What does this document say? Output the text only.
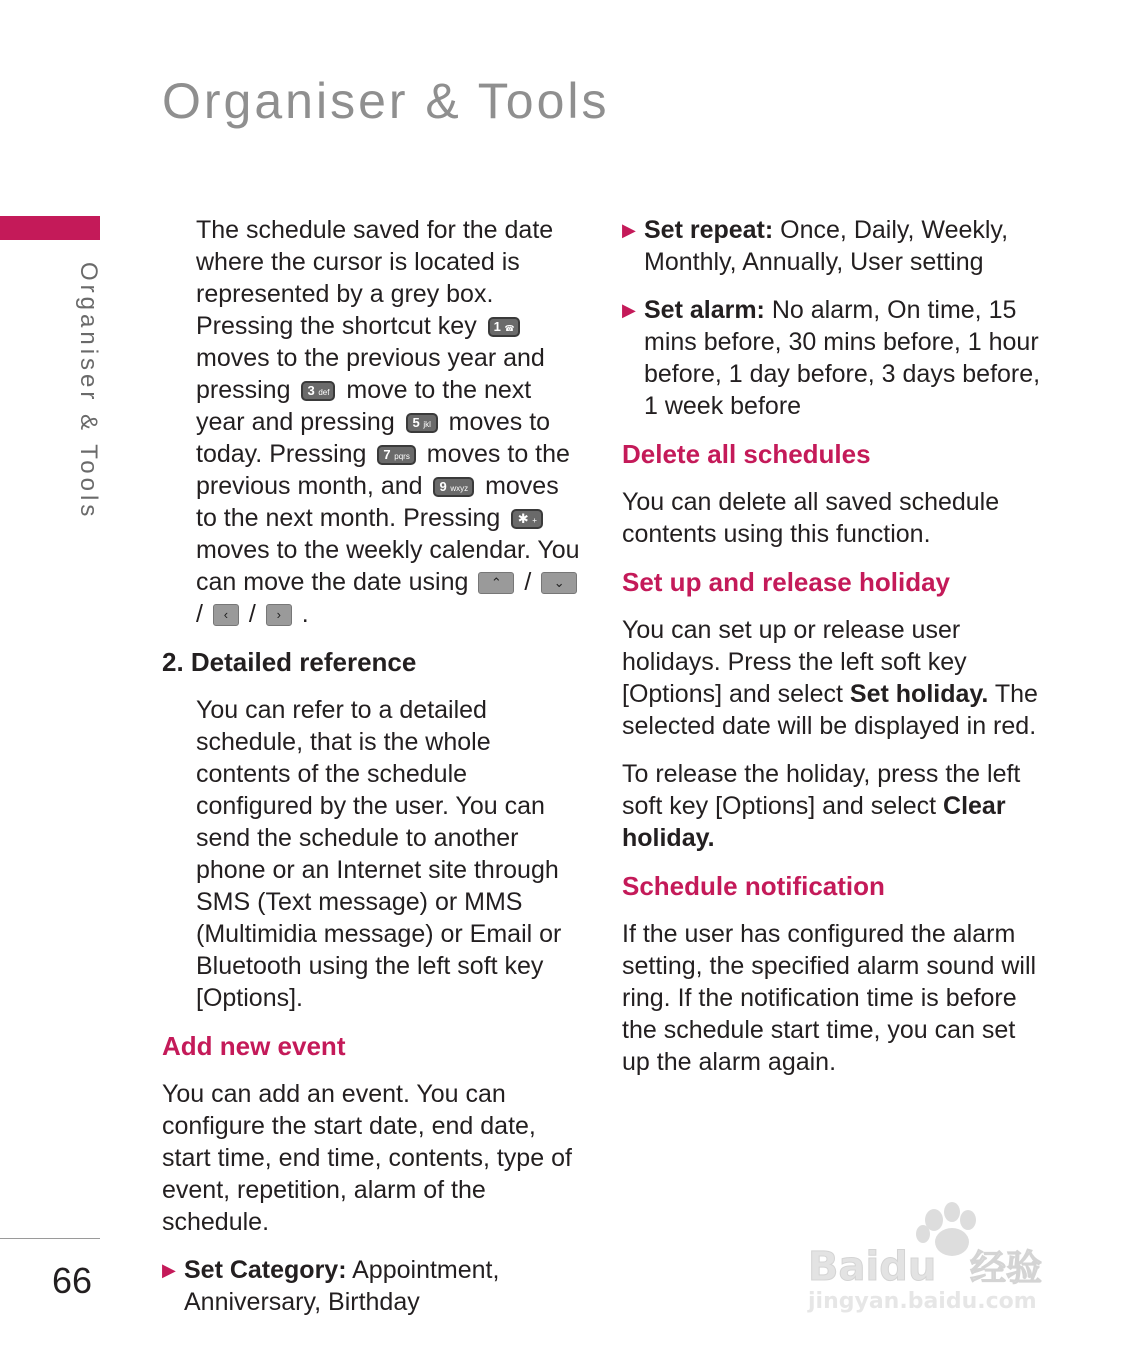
Organiser & Tools
Organiser & Tools

The schedule saved for the date where the cursor is located is represented by a grey box. Pressing the shortcut key 1 ☎ moves to the previous year and pressing 3 def move to the next year and pressing 5 jkl moves to today. Pressing 7 pqrs moves to the previous month, and 9 wxyz moves to the next month. Pressing ✱ + moves to the weekly calendar. You can move the date using ⌃ / ⌄ / ‹ / › .

2. Detailed reference

You can refer to a detailed schedule, that is the whole contents of the schedule configured by the user. You can send the schedule to another phone or an Internet site through SMS (Text message) or MMS (Multimidia message) or Email or Bluetooth using the left soft key [Options].

Add new event

You can add an event. You can configure the start date, end date, start time, end time, contents, type of event, repetition, alarm of the schedule.

▶ Set Category: Appointment, Anniversary, Birthday
▶ Set repeat: Once, Daily, Weekly, Monthly, Annually, User setting
▶ Set alarm: No alarm, On time, 15 mins before, 30 mins before, 1 hour before, 1 day before, 3 days before, 1 week before
Delete all schedules

You can delete all saved schedule contents using this function.

Set up and release holiday

You can set up or release user holidays. Press the left soft key [Options] and select Set holiday. The selected date will be displayed in red.

To release the holiday, press the left soft key [Options] and select Clear holiday.

Schedule notification

If the user has configured the alarm setting, the specified alarm sound will ring. If the notification time is before the schedule start time, you can set up the alarm again.

66	Baidu 经验
jingyan.baidu.com
